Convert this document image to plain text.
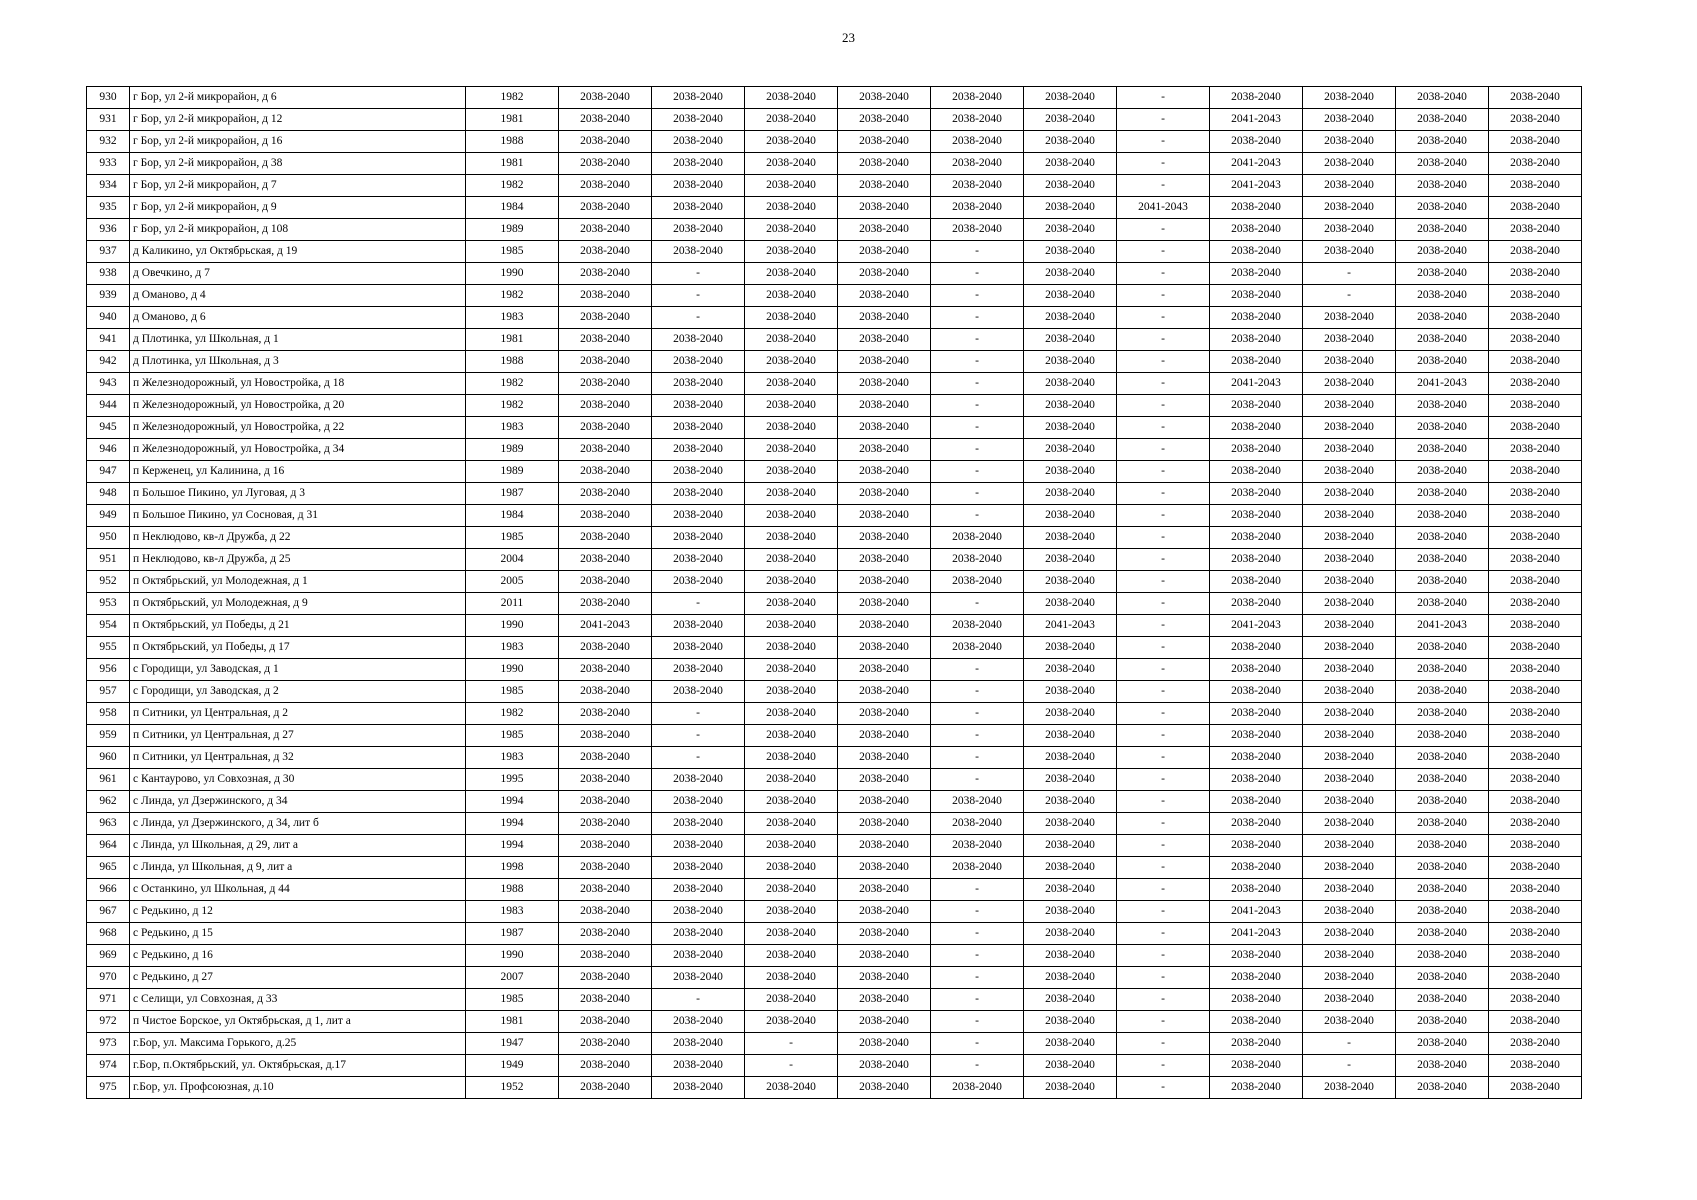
23
930	г Бор, ул 2-й микрорайон, д 6	1982	2038-2040	2038-2040	2038-2040	2038-2040	2038-2040	2038-2040	-	2038-2040	2038-2040	2038-2040	2038-2040
931	г Бор, ул 2-й микрорайон, д 12	1981	2038-2040	2038-2040	2038-2040	2038-2040	2038-2040	2038-2040	-	2041-2043	2038-2040	2038-2040	2038-2040
932	г Бор, ул 2-й микрорайон, д 16	1988	2038-2040	2038-2040	2038-2040	2038-2040	2038-2040	2038-2040	-	2038-2040	2038-2040	2038-2040	2038-2040
933	г Бор, ул 2-й микрорайон, д 38	1981	2038-2040	2038-2040	2038-2040	2038-2040	2038-2040	2038-2040	-	2041-2043	2038-2040	2038-2040	2038-2040
934	г Бор, ул 2-й микрорайон, д 7	1982	2038-2040	2038-2040	2038-2040	2038-2040	2038-2040	2038-2040	-	2041-2043	2038-2040	2038-2040	2038-2040
935	г Бор, ул 2-й микрорайон, д 9	1984	2038-2040	2038-2040	2038-2040	2038-2040	2038-2040	2038-2040	2041-2043	2038-2040	2038-2040	2038-2040	2038-2040
936	г Бор, ул 2-й микрорайон, д 108	1989	2038-2040	2038-2040	2038-2040	2038-2040	2038-2040	2038-2040	-	2038-2040	2038-2040	2038-2040	2038-2040
937	д Каликино, ул Октябрьская, д 19	1985	2038-2040	2038-2040	2038-2040	2038-2040	-	2038-2040	-	2038-2040	2038-2040	2038-2040	2038-2040
938	д Овечкино, д 7	1990	2038-2040	-	2038-2040	2038-2040	-	2038-2040	-	2038-2040	-	2038-2040	2038-2040
939	д Оманово, д 4	1982	2038-2040	-	2038-2040	2038-2040	-	2038-2040	-	2038-2040	-	2038-2040	2038-2040
940	д Оманово, д 6	1983	2038-2040	-	2038-2040	2038-2040	-	2038-2040	-	2038-2040	2038-2040	2038-2040	2038-2040
941	д Плотинка, ул Школьная, д 1	1981	2038-2040	2038-2040	2038-2040	2038-2040	-	2038-2040	-	2038-2040	2038-2040	2038-2040	2038-2040
942	д Плотинка, ул Школьная, д 3	1988	2038-2040	2038-2040	2038-2040	2038-2040	-	2038-2040	-	2038-2040	2038-2040	2038-2040	2038-2040
943	п Железнодорожный, ул Новостройка, д 18	1982	2038-2040	2038-2040	2038-2040	2038-2040	-	2038-2040	-	2041-2043	2038-2040	2041-2043	2038-2040
944	п Железнодорожный, ул Новостройка, д 20	1982	2038-2040	2038-2040	2038-2040	2038-2040	-	2038-2040	-	2038-2040	2038-2040	2038-2040	2038-2040
945	п Железнодорожный, ул Новостройка, д 22	1983	2038-2040	2038-2040	2038-2040	2038-2040	-	2038-2040	-	2038-2040	2038-2040	2038-2040	2038-2040
946	п Железнодорожный, ул Новостройка, д 34	1989	2038-2040	2038-2040	2038-2040	2038-2040	-	2038-2040	-	2038-2040	2038-2040	2038-2040	2038-2040
947	п Керженец, ул Калинина, д 16	1989	2038-2040	2038-2040	2038-2040	2038-2040	-	2038-2040	-	2038-2040	2038-2040	2038-2040	2038-2040
948	п Большое Пикино, ул Луговая, д 3	1987	2038-2040	2038-2040	2038-2040	2038-2040	-	2038-2040	-	2038-2040	2038-2040	2038-2040	2038-2040
949	п Большое Пикино, ул Сосновая, д 31	1984	2038-2040	2038-2040	2038-2040	2038-2040	-	2038-2040	-	2038-2040	2038-2040	2038-2040	2038-2040
950	п Неклюдово, кв-л Дружба, д 22	1985	2038-2040	2038-2040	2038-2040	2038-2040	2038-2040	2038-2040	-	2038-2040	2038-2040	2038-2040	2038-2040
951	п Неклюдово, кв-л Дружба, д 25	2004	2038-2040	2038-2040	2038-2040	2038-2040	2038-2040	2038-2040	-	2038-2040	2038-2040	2038-2040	2038-2040
952	п Октябрьский, ул Молодежная, д 1	2005	2038-2040	2038-2040	2038-2040	2038-2040	2038-2040	2038-2040	-	2038-2040	2038-2040	2038-2040	2038-2040
953	п Октябрьский, ул Молодежная, д 9	2011	2038-2040	-	2038-2040	2038-2040	-	2038-2040	-	2038-2040	2038-2040	2038-2040	2038-2040
954	п Октябрьский, ул Победы, д 21	1990	2041-2043	2038-2040	2038-2040	2038-2040	2038-2040	2041-2043	-	2041-2043	2038-2040	2041-2043	2038-2040
955	п Октябрьский, ул Победы, д 17	1983	2038-2040	2038-2040	2038-2040	2038-2040	2038-2040	2038-2040	-	2038-2040	2038-2040	2038-2040	2038-2040
956	с Городищи, ул Заводская, д 1	1990	2038-2040	2038-2040	2038-2040	2038-2040	-	2038-2040	-	2038-2040	2038-2040	2038-2040	2038-2040
957	с Городищи, ул Заводская, д 2	1985	2038-2040	2038-2040	2038-2040	2038-2040	-	2038-2040	-	2038-2040	2038-2040	2038-2040	2038-2040
958	п Ситники, ул Центральная, д 2	1982	2038-2040	-	2038-2040	2038-2040	-	2038-2040	-	2038-2040	2038-2040	2038-2040	2038-2040
959	п Ситники, ул Центральная, д 27	1985	2038-2040	-	2038-2040	2038-2040	-	2038-2040	-	2038-2040	2038-2040	2038-2040	2038-2040
960	п Ситники, ул Центральная, д 32	1983	2038-2040	-	2038-2040	2038-2040	-	2038-2040	-	2038-2040	2038-2040	2038-2040	2038-2040
961	с Кантаурово, ул Совхозная, д 30	1995	2038-2040	2038-2040	2038-2040	2038-2040	-	2038-2040	-	2038-2040	2038-2040	2038-2040	2038-2040
962	с Линда, ул Дзержинского, д 34	1994	2038-2040	2038-2040	2038-2040	2038-2040	2038-2040	2038-2040	-	2038-2040	2038-2040	2038-2040	2038-2040
963	с Линда, ул Дзержинского, д 34, лит б	1994	2038-2040	2038-2040	2038-2040	2038-2040	2038-2040	2038-2040	-	2038-2040	2038-2040	2038-2040	2038-2040
964	с Линда, ул Школьная, д 29, лит а	1994	2038-2040	2038-2040	2038-2040	2038-2040	2038-2040	2038-2040	-	2038-2040	2038-2040	2038-2040	2038-2040
965	с Линда, ул Школьная, д 9, лит а	1998	2038-2040	2038-2040	2038-2040	2038-2040	2038-2040	2038-2040	-	2038-2040	2038-2040	2038-2040	2038-2040
966	с Останкино, ул Школьная, д 44	1988	2038-2040	2038-2040	2038-2040	2038-2040	-	2038-2040	-	2038-2040	2038-2040	2038-2040	2038-2040
967	с Редькино, д 12	1983	2038-2040	2038-2040	2038-2040	2038-2040	-	2038-2040	-	2041-2043	2038-2040	2038-2040	2038-2040
968	с Редькино, д 15	1987	2038-2040	2038-2040	2038-2040	2038-2040	-	2038-2040	-	2041-2043	2038-2040	2038-2040	2038-2040
969	с Редькино, д 16	1990	2038-2040	2038-2040	2038-2040	2038-2040	-	2038-2040	-	2038-2040	2038-2040	2038-2040	2038-2040
970	с Редькино, д 27	2007	2038-2040	2038-2040	2038-2040	2038-2040	-	2038-2040	-	2038-2040	2038-2040	2038-2040	2038-2040
971	с Селищи, ул Совхозная, д 33	1985	2038-2040	-	2038-2040	2038-2040	-	2038-2040	-	2038-2040	2038-2040	2038-2040	2038-2040
972	п Чистое Борское, ул Октябрьская, д 1, лит а	1981	2038-2040	2038-2040	2038-2040	2038-2040	-	2038-2040	-	2038-2040	2038-2040	2038-2040	2038-2040
973	г.Бор, ул. Максима Горького, д.25	1947	2038-2040	2038-2040	-	2038-2040	-	2038-2040	-	2038-2040	-	2038-2040	2038-2040
974	г.Бор, п.Октябрьский, ул. Октябрьская, д.17	1949	2038-2040	2038-2040	-	2038-2040	-	2038-2040	-	2038-2040	-	2038-2040	2038-2040
975	г.Бор, ул. Профсоюзная, д.10	1952	2038-2040	2038-2040	2038-2040	2038-2040	2038-2040	2038-2040	-	2038-2040	2038-2040	2038-2040	2038-2040
